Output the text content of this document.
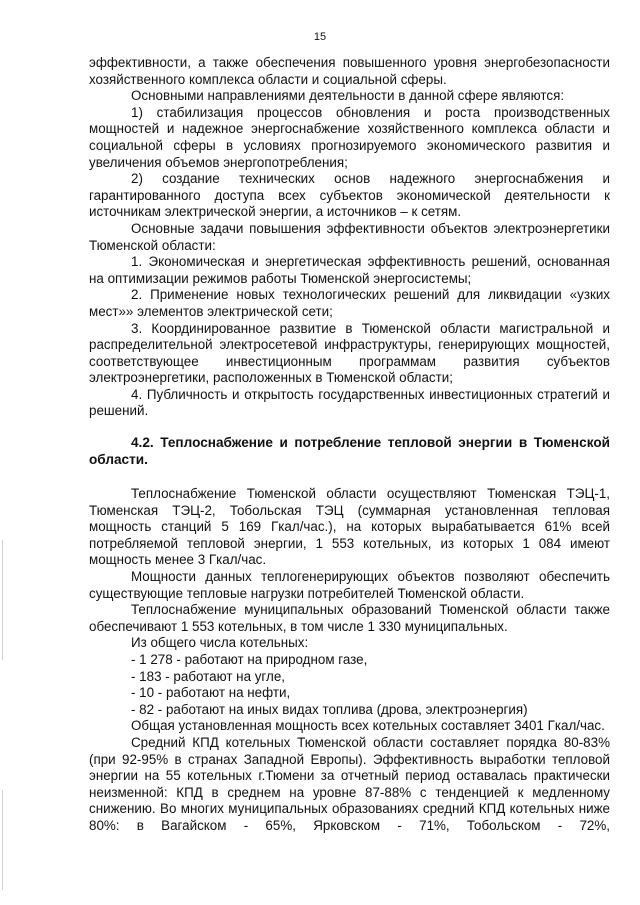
15

эффективности, а также обеспечения повышенного уровня энергобезопасности хозяйственного комплекса области и социальной сферы.

Основными направлениями деятельности в данной сфере являются:

1) стабилизация процессов обновления и роста производственных мощностей и надежное энергоснабжение хозяйственного комплекса области и социальной сферы в условиях прогнозируемого экономического развития и увеличения объемов энергопотребления;

2) создание технических основ надежного энергоснабжения и гарантированного доступа всех субъектов экономической деятельности к источникам электрической энергии, а источников – к сетям.

Основные задачи повышения эффективности объектов электроэнергетики Тюменской области:

1. Экономическая и энергетическая эффективность решений, основанная на оптимизации режимов работы Тюменской энергосистемы;

2. Применение новых технологических решений для ликвидации «узких мест»» элементов электрической сети;

3. Координированное развитие в Тюменской области магистральной и распределительной электросетевой инфраструктуры, генерирующих мощностей, соответствующее инвестиционным программам развития субъектов электроэнергетики, расположенных в Тюменской области;

4. Публичность и открытость государственных инвестиционных стратегий и решений.

4.2. Теплоснабжение и потребление тепловой энергии в Тюменской области.

Теплоснабжение Тюменской области осуществляют Тюменская ТЭЦ-1, Тюменская ТЭЦ-2, Тобольская ТЭЦ (суммарная установленная тепловая мощность станций 5 169 Гкал/час.), на которых вырабатывается 61% всей потребляемой тепловой энергии, 1 553 котельных, из которых 1 084 имеют мощность менее 3 Гкал/час.

Мощности данных теплогенерирующих объектов позволяют обеспечить существующие тепловые нагрузки потребителей Тюменской области.

Теплоснабжение муниципальных образований Тюменской области также обеспечивают 1 553 котельных, в том числе 1 330 муниципальных.

Из общего числа котельных:

- 1 278 - работают на природном газе,

- 183 - работают на угле,

- 10 - работают на нефти,

- 82 - работают на иных видах топлива (дрова, электроэнергия)

Общая установленная мощность всех котельных составляет 3401 Гкал/час.

Средний КПД котельных Тюменской области составляет порядка 80-83% (при 92-95% в странах Западной Европы). Эффективность выработки тепловой энергии на 55 котельных г.Тюмени за отчетный период оставалась практически неизменной: КПД в среднем на уровне 87-88% с тенденцией к медленному снижению. Во многих муниципальных образованиях средний КПД котельных ниже 80%: в Вагайском - 65%, Ярковском - 71%, Тобольском - 72%,
